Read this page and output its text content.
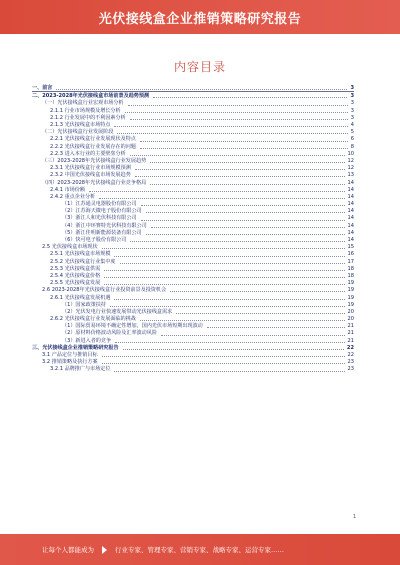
光伏接线盒企业推销策略研究报告
内容目录
一、前言	3
二、2023-2028年光伏接线盒市场前景及趋势预测	3
（一）光伏接线盒行业宏观市场分析	3
2.1.1 行业市场规模及增长分析	3
2.1.2 行业发展中的不利因素分析	3
2.1.3 光伏接线盒市场特点	4
（二）光伏接线盒行业发展阶段	5
2.2.1 光伏接线盒行业发展现状及特点	6
2.2.2 光伏接线盒行业发展存在的问题	8
2.2.3 进入本行业的主要壁垒分析	10
（三）2023-2028年光伏接线盒行业发展趋势	12
2.3.1 光伏接线盒行业市场规模预测	12
2.3.2 中国光伏接线盒市场发展趋势	13
（四）2023-2028年光伏接线盒行业竞争格局	14
2.4.1 市场份额	14
2.4.2 重点企业分析	14
（1）江苏通灵电器股份有限公司	14
（2）江苏海天微电子股份有限公司	14
（3）浙江人和光伏科技有限公司	14
（4）浙江中环赛特光伏科技有限公司	14
（5）浙江佳明新能源装备有限公司	14
（6）快可电子股份有限公司	14
2.5 光伏接线盒市场现状	15
2.5.1 光伏接线盒市场规模	16
2.5.2 光伏接线盒行业集中度	17
2.5.3 光伏接线盒供需	18
2.5.4 光伏接线盒价格	18
2.5.5 光伏接线盒发展	19
2.6 2023-2028年光伏接线盒行业投资前景及投资机会	19
2.6.1 光伏接线盒发展机遇	19
（1）国家政策扶持	19
（2）光伏发电行业快速发展带动光伏接线盒需求	20
2.6.2 光伏接线盒行业发展面临的挑战	20
（1）国际贸易环境不确定性增加，国内光伏市场短期出现波动	21
（2）原材料价格波动风险及汇率波动风险	21
（3）新进入者的竞争	21
三、光伏接线盒企业推销策略研究报告	22
3.1 产品定位与推销目标	22
3.2 推销策略及执行方案	23
3.2.1 品牌推广与市场定位	23
1
让每个人都能成为	行业专家、管理专家、营销专家、战略专家、运营专家……
